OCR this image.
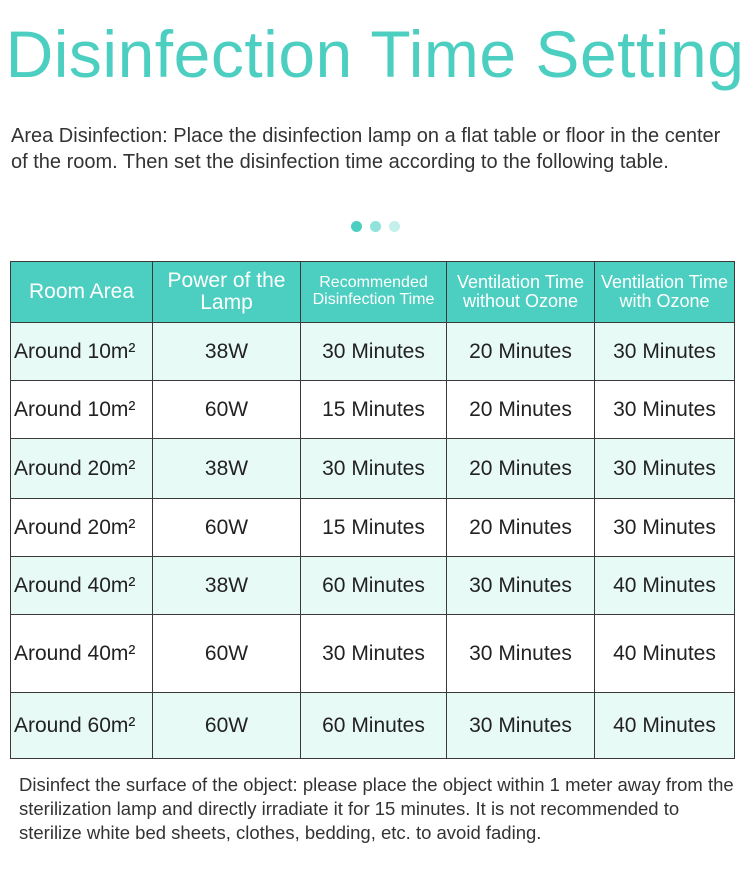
Disinfection Time Setting
Area Disinfection: Place the disinfection lamp on a flat table or floor in the center of the room. Then set the disinfection time according to the following table.
Room Area	Power of the Lamp	Recommended Disinfection Time	Ventilation Time without Ozone	Ventilation Time with Ozone
Around 10m²	38W	30 Minutes	20 Minutes	30 Minutes
Around 10m²	60W	15 Minutes	20 Minutes	30 Minutes
Around 20m²	38W	30 Minutes	20 Minutes	30 Minutes
Around 20m²	60W	15 Minutes	20 Minutes	30 Minutes
Around 40m²	38W	60 Minutes	30 Minutes	40 Minutes
Around 40m²	60W	30 Minutes	30 Minutes	40 Minutes
Around 60m²	60W	60 Minutes	30 Minutes	40 Minutes
Disinfect the surface of the object: please place the object within 1 meter away from the sterilization lamp and directly irradiate it for 15 minutes. It is not recommended to sterilize white bed sheets, clothes, bedding, etc. to avoid fading.
